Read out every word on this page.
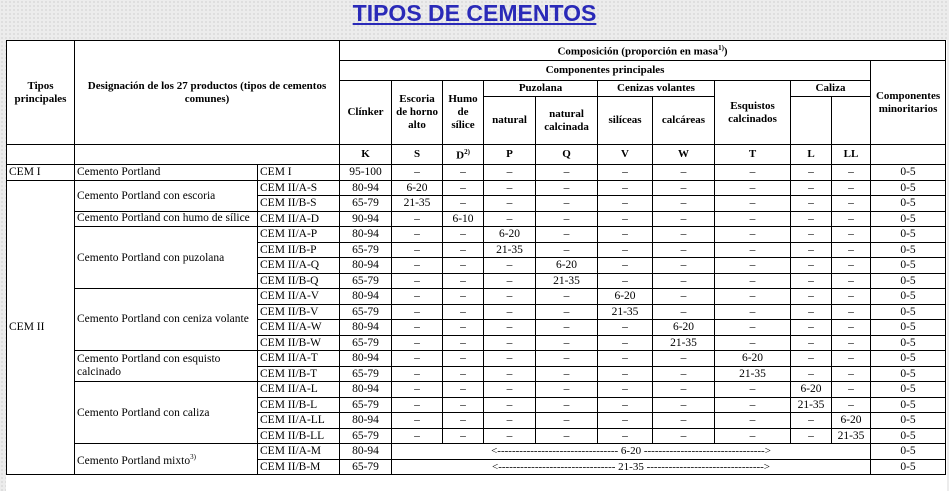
TIPOS DE CEMENTOS
Tipos principales	Designación de los 27 productos (tipos de cementos comunes)		Composición (proporción en masa$^{1)}$)										
			Componentes principales										Componentes minoritarios
			Clínker	Escoria de horno alto	Humo de sílice	Puzolana		Cenizas volantes		Esquistos calcinados	Caliza		
						natural	natural calcinada	silíceas	calcáreas				
			K	S	$D^{2)}$	P	Q	V	W	T	L	LL	
CEM I	Cemento Portland	CEM I	95-100	–	–	–	–	–	–	–	–	–	0-5
CEM II	Cemento Portland con escoria	CEM II/A-S	80-94	6-20	–	–	–	–	–	–	–	–	0-5
		CEM II/B-S	65-79	21-35	–	–	–	–	–	–	–	–	0-5
	Cemento Portland con humo de sílice	CEM II/A-D	90-94	–	6-10	–	–	–	–	–	–	–	0-5
	Cemento Portland con puzolana	CEM II/A-P	80-94	–	–	6-20	–	–	–	–	–	–	0-5
		CEM II/B-P	65-79	–	–	21-35	–	–	–	–	–	–	0-5
		CEM II/A-Q	80-94	–	–	–	6-20	–	–	–	–	–	0-5
		CEM II/B-Q	65-79	–	–	–	21-35	–	–	–	–	–	0-5
	Cemento Portland con ceniza volante	CEM II/A-V	80-94	–	–	–	–	6-20	–	–	–	–	0-5
		CEM II/B-V	65-79	–	–	–	–	21-35	–	–	–	–	0-5
		CEM II/A-W	80-94	–	–	–	–	–	6-20	–	–	–	0-5
		CEM II/B-W	65-79	–	–	–	–	–	21-35	–	–	–	0-5
	Cemento Portland con esquisto calcinado	CEM II/A-T	80-94	–	–	–	–	–	–	6-20	–	–	0-5
		CEM II/B-T	65-79	–	–	–	–	–	–	21-35	–	–	0-5
	Cemento Portland con caliza	CEM II/A-L	80-94	–	–	–	–	–	–	–	6-20	–	0-5
		CEM II/B-L	65-79	–	–	–	–	–	–	–	21-35	–	0-5
		CEM II/A-LL	80-94	–	–	–	–	–	–	–	–	6-20	0-5
		CEM II/B-LL	65-79	–	–	–	–	–	–	–	–	21-35	0-5
	Cemento Portland mixto$^{3)}$	CEM II/A-M	80-94	<--------------------------------- 6-20 --------------------------------->									0-5
		CEM II/B-M	65-79	<-------------------------------- 21-35 -------------------------------->									0-5
